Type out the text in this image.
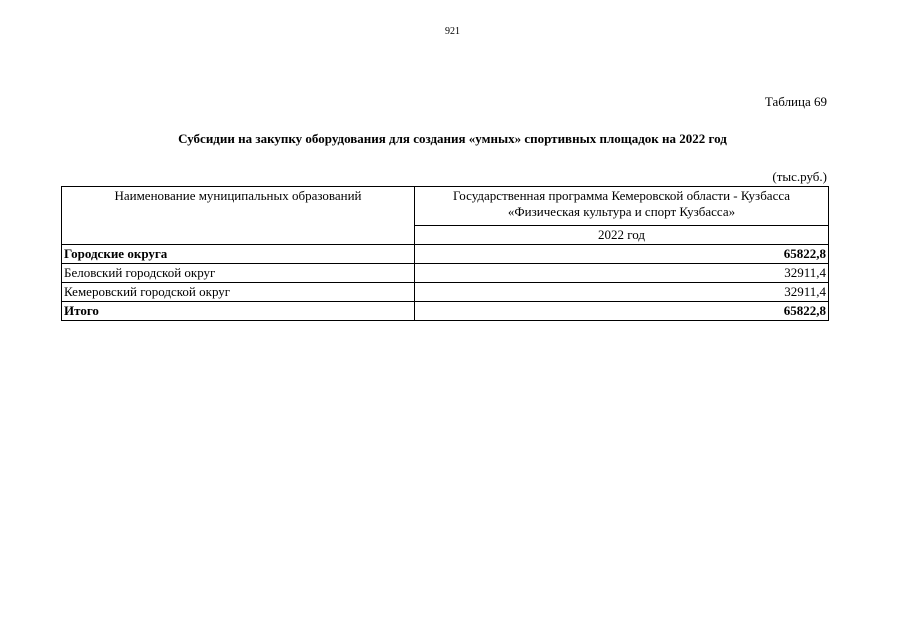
921
Таблица 69
Субсидии на закупку оборудования для создания «умных» спортивных площадок на 2022 год
(тыс.руб.)
Наименование муниципальных образований	Государственная программа Кемеровской области - Кузбасса
«Физическая культура и спорт Кузбасса»

	2022 год
Городские округа	65822,8
Беловский городской округ	32911,4
Кемеровский городской округ	32911,4
Итого	65822,8
